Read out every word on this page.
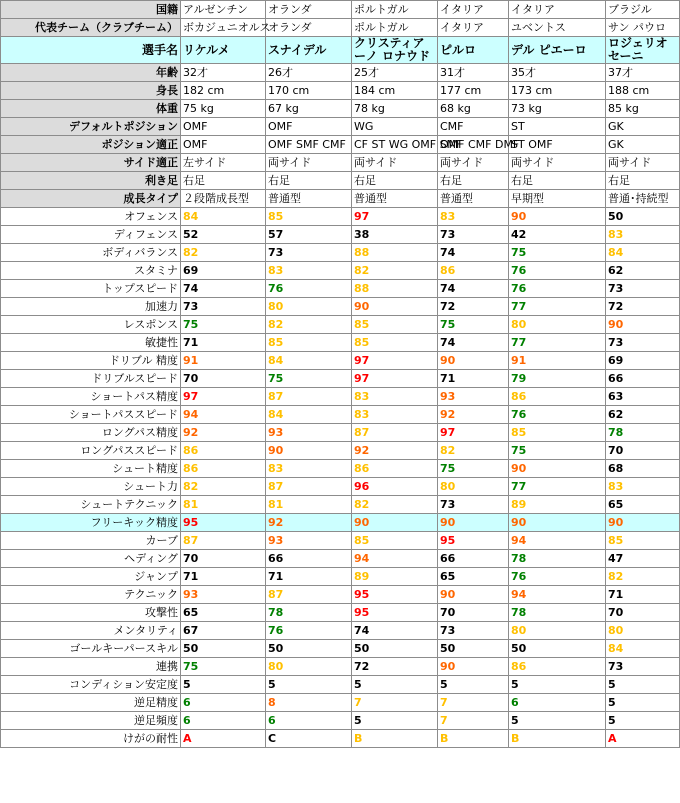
国籍	アルゼンチン	オランダ	ポルトガル	イタリア	イタリア	ブラジル
代表チーム（クラブチーム）	ボカジュニオルス	オランダ	ポルトガル	イタリア	ユベントス	サン パウロ
選手名	リケルメ	スナイデル	クリスティアーノ ロナウド	ピルロ	デル ピエーロ	ロジェリオ セーニ
年齢	32才	26才	25才	31才	35才	37才
身長	182 cm	170 cm	184 cm	177 cm	173 cm	188 cm
体重	75 kg	67 kg	78 kg	68 kg	73 kg	85 kg
デフォルトポジション	OMF	OMF	WG	CMF	ST	GK
ポジション適正	OMF	OMF SMF CMF	CF ST WG OMF SMF	OMF CMF DMF	ST OMF	GK
サイド適正	左サイド	両サイド	両サイド	両サイド	両サイド	両サイド
利き足	右足	右足	右足	右足	右足	右足
成長タイプ	２段階成長型	普通型	普通型	普通型	早期型	普通･持続型
オフェンス	84	85	97	83	90	50
ディフェンス	52	57	38	73	42	83
ボディバランス	82	73	88	74	75	84
スタミナ	69	83	82	86	76	62
トップスピード	74	76	88	74	76	73
加速力	73	80	90	72	77	72
レスポンス	75	82	85	75	80	90
敏捷性	71	85	85	74	77	73
ドリブル 精度	91	84	97	90	91	69
ドリブルスピード	70	75	97	71	79	66
ショートパス精度	97	87	83	93	86	63
ショートパススピード	94	84	83	92	76	62
ロングパス精度	92	93	87	97	85	78
ロングパススピード	86	90	92	82	75	70
シュート精度	86	83	86	75	90	68
シュート力	82	87	96	80	77	83
シュートテクニック	81	81	82	73	89	65
フリーキック精度	95	92	90	90	90	90
カーブ	87	93	85	95	94	85
ヘディング	70	66	94	66	78	47
ジャンプ	71	71	89	65	76	82
テクニック	93	87	95	90	94	71
攻撃性	65	78	95	70	78	70
メンタリティ	67	76	74	73	80	80
ゴールキーパースキル	50	50	50	50	50	84
連携	75	80	72	90	86	73
コンディション安定度	5	5	5	5	5	5
逆足精度	6	8	7	7	6	5
逆足頻度	6	6	5	7	5	5
けがの耐性	A	C	B	B	B	A
